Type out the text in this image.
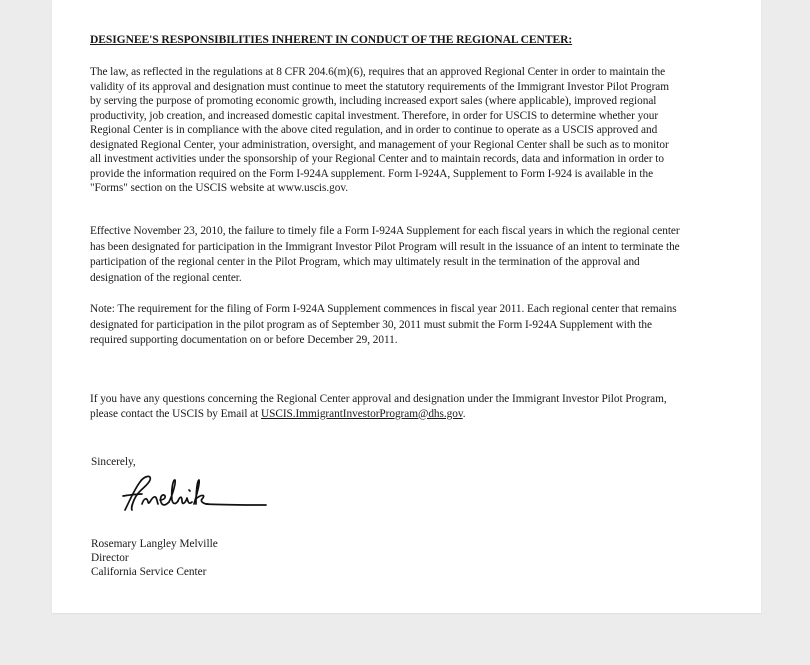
DESIGNEE'S RESPONSIBILITIES INHERENT IN CONDUCT OF THE REGIONAL CENTER:
The law, as reflected in the regulations at 8 CFR 204.6(m)(6), requires that an approved Regional Center in order to maintain the validity of its approval and designation must continue to meet the statutory requirements of the Immigrant Investor Pilot Program by serving the purpose of promoting economic growth, including increased export sales (where applicable), improved regional productivity, job creation, and increased domestic capital investment. Therefore, in order for USCIS to determine whether your Regional Center is in compliance with the above cited regulation, and in order to continue to operate as a USCIS approved and designated Regional Center, your administration, oversight, and management of your Regional Center shall be such as to monitor all investment activities under the sponsorship of your Regional Center and to maintain records, data and information in order to provide the information required on the Form I-924A supplement. Form I-924A, Supplement to Form I-924 is available in the "Forms" section on the USCIS website at www.uscis.gov.
Effective November 23, 2010, the failure to timely file a Form I-924A Supplement for each fiscal years in which the regional center has been designated for participation in the Immigrant Investor Pilot Program will result in the issuance of an intent to terminate the participation of the regional center in the Pilot Program, which may ultimately result in the termination of the approval and designation of the regional center.
Note: The requirement for the filing of Form I-924A Supplement commences in fiscal year 2011. Each regional center that remains designated for participation in the pilot program as of September 30, 2011 must submit the Form I-924A Supplement with the required supporting documentation on or before December 29, 2011.
If you have any questions concerning the Regional Center approval and designation under the Immigrant Investor Pilot Program, please contact the USCIS by Email at USCIS.ImmigrantInvestorProgram@dhs.gov.
Sincerely,
Rosemary Langley Melville
Director
California Service Center
